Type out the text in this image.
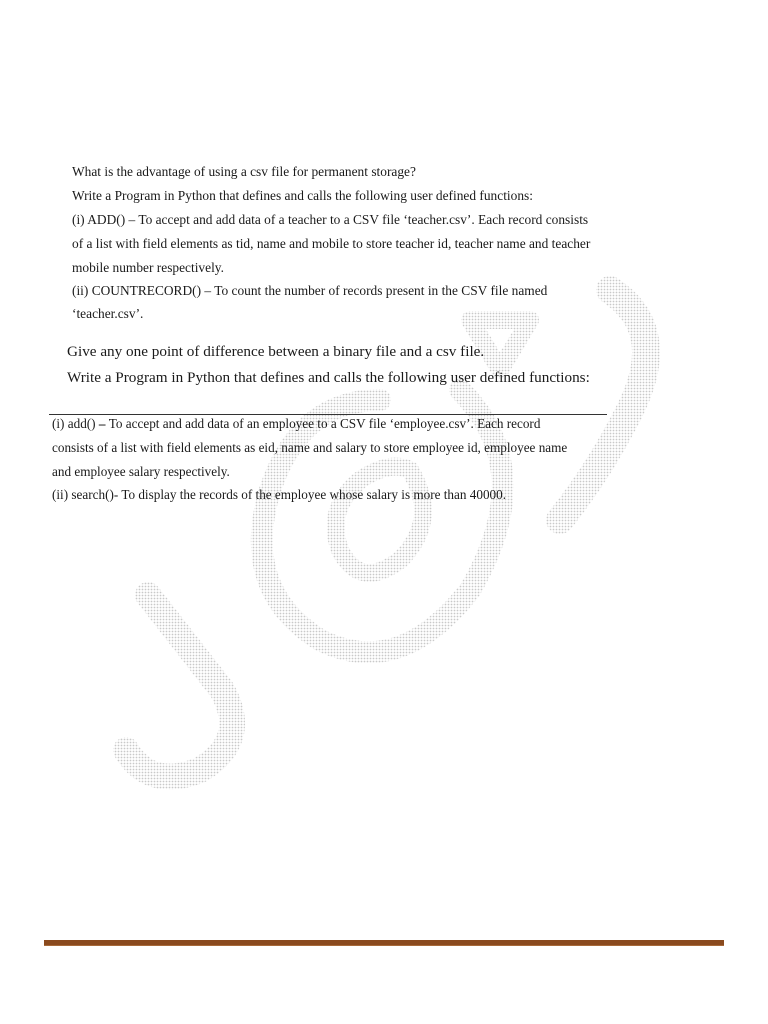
What is the advantage of using a csv file for permanent storage?
Write a Program in Python that defines and calls the following user defined functions:
(i) ADD() – To accept and add data of a teacher to a CSV file ‘teacher.csv’. Each record consists
of a list with field elements as tid, name and mobile to store teacher id, teacher name and teacher
mobile number respectively.
(ii) COUNTRECORD() – To count the number of records present in the CSV file named
‘teacher.csv’.
Give any one point of difference between a binary file and a csv file.
Write a Program in Python that defines and calls the following user defined functions:
(i) add() – To accept and add data of an employee to a CSV file ‘employee.csv’. Each record
consists of a list with field elements as eid, name and salary to store employee id, employee name
and employee salary respectively.
(ii) search()- To display the records of the employee whose salary is more than 40000.
